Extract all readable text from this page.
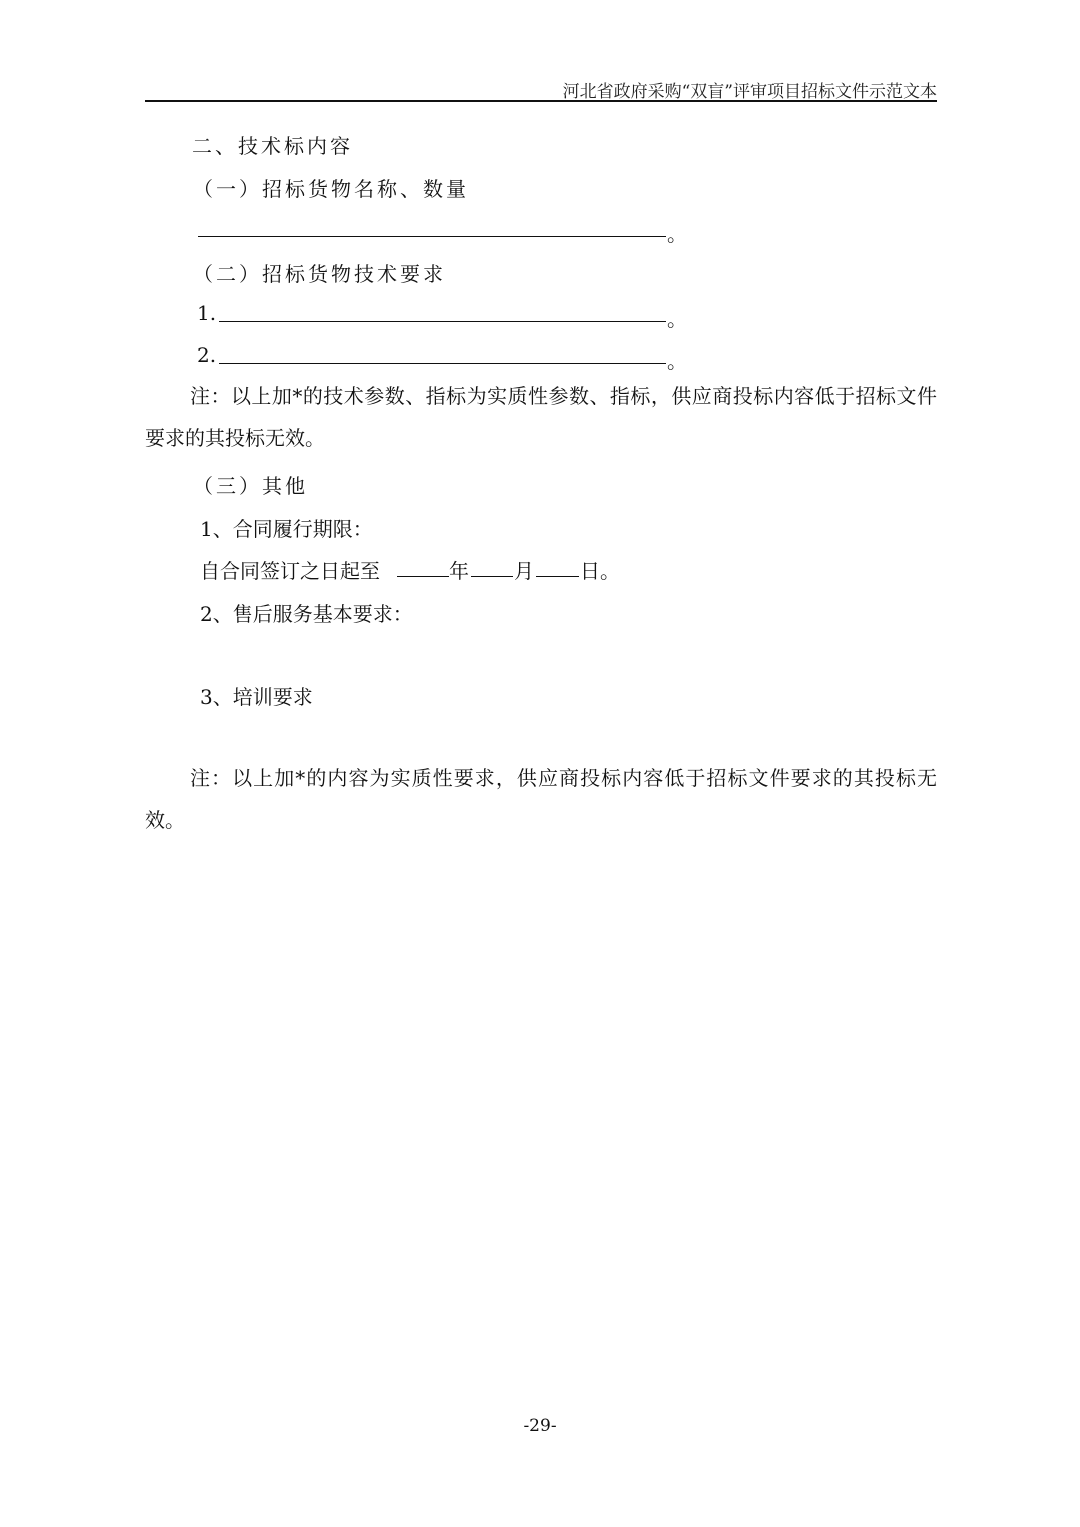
河北省政府采购“双盲”评审项目招标文件示范文本
二、技术标内容
（一）招标货物名称、数量
。
（二）招标货物技术要求
1.	。
2.	。
注：以上加*的技术参数、指标为实质性参数、指标，供应商投标内容低于招标文件要求的其投标无效。
（三）其他
1、合同履行期限：
自合同签订之日起至	年 月 日。
2、售后服务基本要求：
3、培训要求
注：以上加*的内容为实质性要求，供应商投标内容低于招标文件要求的其投标无效。
-29-
